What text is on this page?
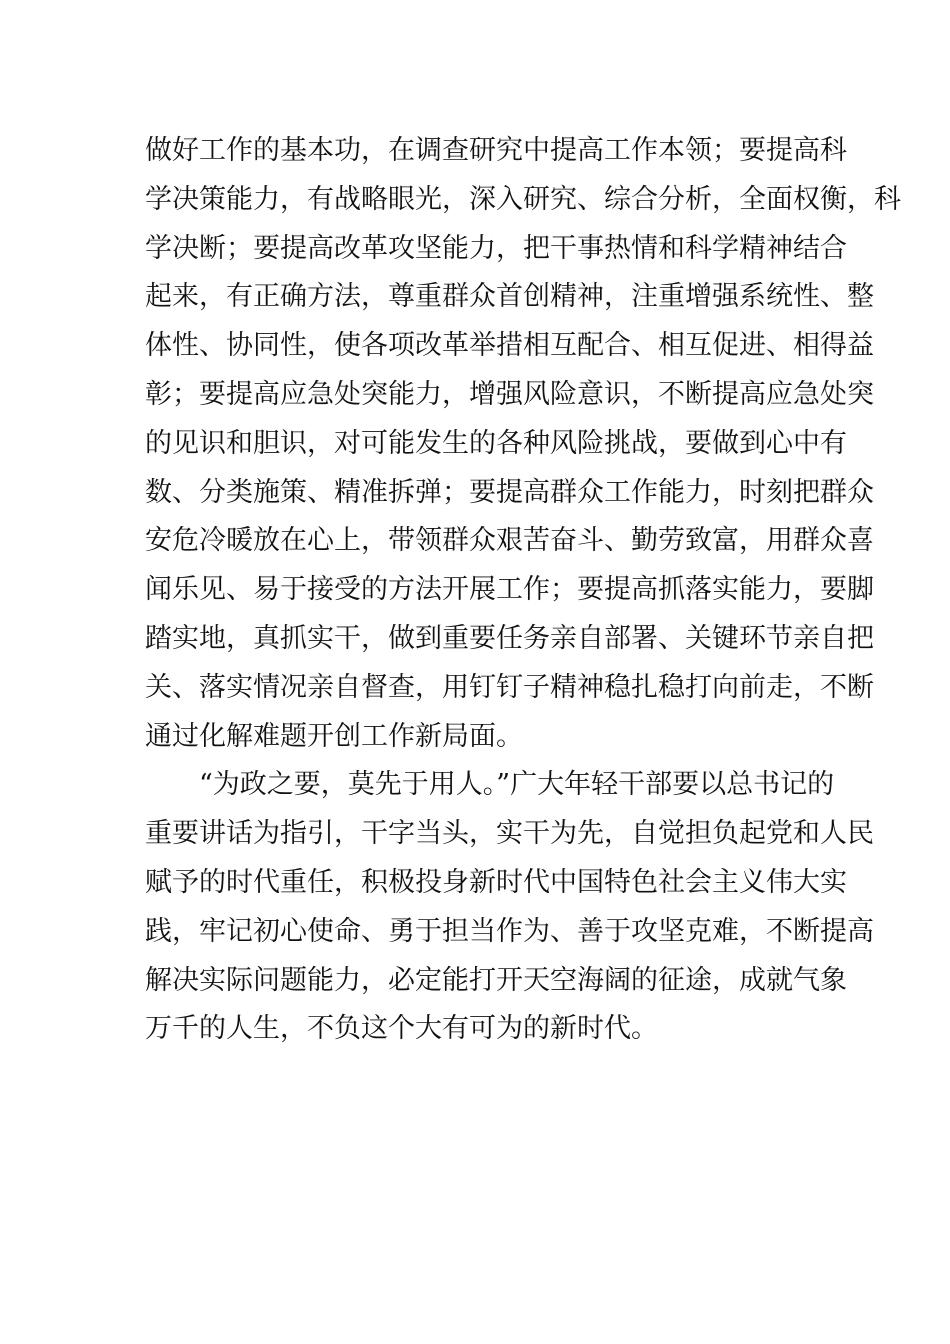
做好工作的基本功，在调查研究中提高工作本领；要提高科
学决策能力，有战略眼光，深入研究、综合分析，全面权衡，科
学决断；要提高改革攻坚能力，把干事热情和科学精神结合
起来，有正确方法，尊重群众首创精神，注重增强系统性、整
体性、协同性，使各项改革举措相互配合、相互促进、相得益
彰；要提高应急处突能力，增强风险意识，不断提高应急处突
的见识和胆识，对可能发生的各种风险挑战，要做到心中有
数、分类施策、精准拆弹；要提高群众工作能力，时刻把群众
安危冷暖放在心上，带领群众艰苦奋斗、勤劳致富，用群众喜
闻乐见、易于接受的方法开展工作；要提高抓落实能力，要脚
踏实地，真抓实干，做到重要任务亲自部署、关键环节亲自把
关、落实情况亲自督查，用钉钉子精神稳扎稳打向前走，不断
通过化解难题开创工作新局面。
“为政之要，莫先于用人。”广大年轻干部要以总书记的
重要讲话为指引，干字当头，实干为先，自觉担负起党和人民
赋予的时代重任，积极投身新时代中国特色社会主义伟大实
践，牢记初心使命、勇于担当作为、善于攻坚克难，不断提高
解决实际问题能力，必定能打开天空海阔的征途，成就气象
万千的人生，不负这个大有可为的新时代。
